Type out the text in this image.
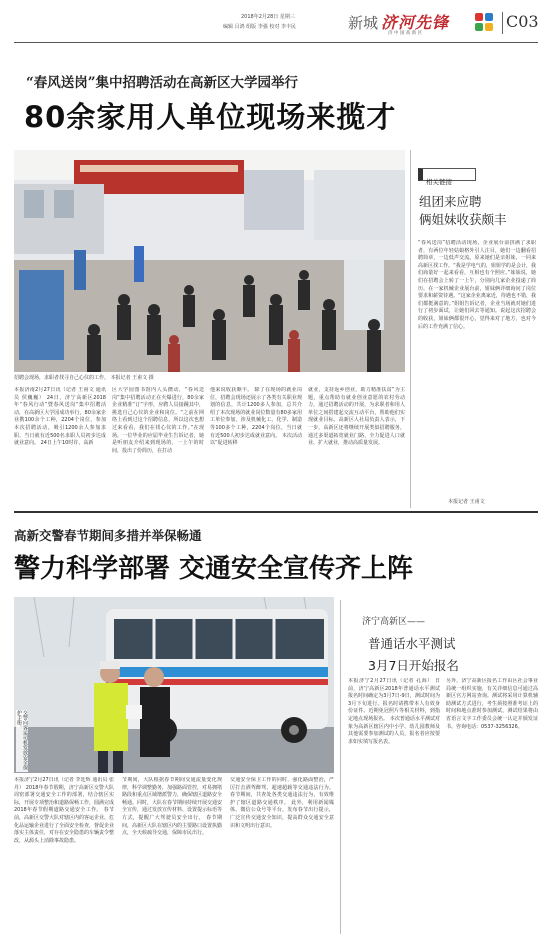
2018年2月28日 星期三
编辑 吕鸿 组版 李强 校对 李丰民	新城 济河先锋
济 中 国 高 新 区
C03
“春风送岗”集中招聘活动在高新区大学园举行
80余家用人单位现场来揽才
招聘会现场，求职者找寻自己心仪的工作。 本报记者 王甫文 摄
本报济南2月27日讯（记者 王甫文 通讯员 侯巍巍） 24日，济宁高新区2018年“春风行动”暨春风送岗“集中招聘活动，在高新区大学园成功举行，80余家企业携100余个工种，2204个岗位，参加本次招聘活动，吸引1200余人参加求职，当日就有近500名求职人员初步达成就业意向。 24日上午10时许，高新
区大学园图书馆内人头攒动，“春风送岗”集中招聘活动正在火爆进行，80余家企业精准“订”字形，应聘人员接踵其中，挑选自己心仪的企业和岗位。“之前在网络上看到过这个招聘信息，所以这次也想过来看看，我们在找心仪的工作。”在现场，一位毕业的应届毕业生告诉记者，她是听朋友介绍来到现场的，一上午的时间，投出了份简历，在打动
他来说收获颇丰。 除了在现场的就业岗位，招聘会现场还展示了各类有关职业规划的信息，共计1200多人参加，总共介绍了本次现场的就业岗位数量有80多家用工单位参加，涉及机械化工、化学、制造等100多个工种，2204个岗位，当日就有近500人初步达成就业意向。 本次活动以“促进转移
就业，支持返乡创业，助力精准扶贫”为主题，重点帮助有就业创业意愿的农村劳动力，通过招聘活动的开展，为求职者和用人单位之间搭建起交流互动平台，帮助他们实现就业目标。高新区人社局负责人表示，下一步，高新区还将继续开展类似招聘服务，通过多渠道拓宽就业门路，全力促进人口就业、扩大就业，推动高质量发展。
相关链接
组团来应聘
俩姐妹收获颇丰
“春风送岗”招聘活动现场，企业展台前挤满了求职者，有两位年轻姑娘格外引人注目，她们一边翻看招聘简章，一边低声交流。原来她们是亲姐妹，一同来高新区找工作。“我是学电气的，姐姐学的是会计，我们商量好一起来看看，互相也有个照应。”妹妹说，她们在招聘会上转了一上午，分别向几家企业投递了简历。在一家机械企业展台前，姐妹俩详细询问了岗位要求和薪资待遇。“这家企业离家近，待遇也不错，我们都挺满意的。”姐姐告诉记者，企业当场就对她们进行了初步面试，让她们回去等通知。说起这次招聘会的收获，姐妹俩都很开心，觉得来对了地方，也对今后的工作充满了信心。
本报记者 王甫文
高新交警春节期间多措并举保畅通
警力科学部署 交通安全宣传齐上阵
交警向客运司机发放安全保护手册。
本报济宁2月27日讯（记者 李廷辉 通讯员 张丹） 2018年春节假期，济宁高新区交警大队周密部署交通安全工作的部署，结合辖区实际，开展专项整治和道路保畅工作，圆满完成2018年春节假期道路交通安全工作。 春节前，高新区交警大队对辖区内的客运企业、危化品运输企业进行了全面安全检查，督促企业落实主体责任，对存在安全隐患的车辆责令整改，从源头上消除事故隐患。
节期间，大队根据春节期间交通流量变化规律，科学调整勤务，加强路面管控，对易拥堵路段和重点区域增派警力，确保辖区道路安全畅通。同时，大队在春节期间持续开展交通安全宣传，通过发放宣传材料、设置提示标语等方式，提醒广大驾驶员安全出行。 春节期间，高新区大队在辖区内的主要路口设置执勤点，全天候疏导交通，保障市民出行。
交通安全保卫工作的同时，强化路面整治，严厉打击酒驾醉驾、超速超载等交通违法行为。春节期间，共查处各类交通违法行为，有效维护了辖区道路交通秩序。 此外，利用新闻媒体、微信公众号等平台，发布春节出行提示，广泛宣传交通安全知识，提高群众交通安全意识和文明出行意识。
济宁高新区——
普通话水平测试
3月7日开始报名
本报济宁2月27日讯（记者 孔海） 日前，济宁高新区2018年普通话水平测试报名时间确定为3月7日-9日，测试时间为3月下旬进行。报名时请携带本人有效身份证件、近期免冠照片等相关材料，到指定地点现场报名。 本次普通话水平测试对象为高新区辖区内中小学、幼儿园教师及其他需要参加测试的人员，报名者应按要求如实填写报名表。
另外，济宁高新区报名工作由区社会事业局统一组织实施，有关详细信息可通过高新区官方网站查询。测试将采用计算机辅助测试方式进行，考生须按照准考证上的时间和地点准时参加测试，测试结果将由省语言文字工作委员会统一认定并颁发证书。咨询电话：0537-3256326。
